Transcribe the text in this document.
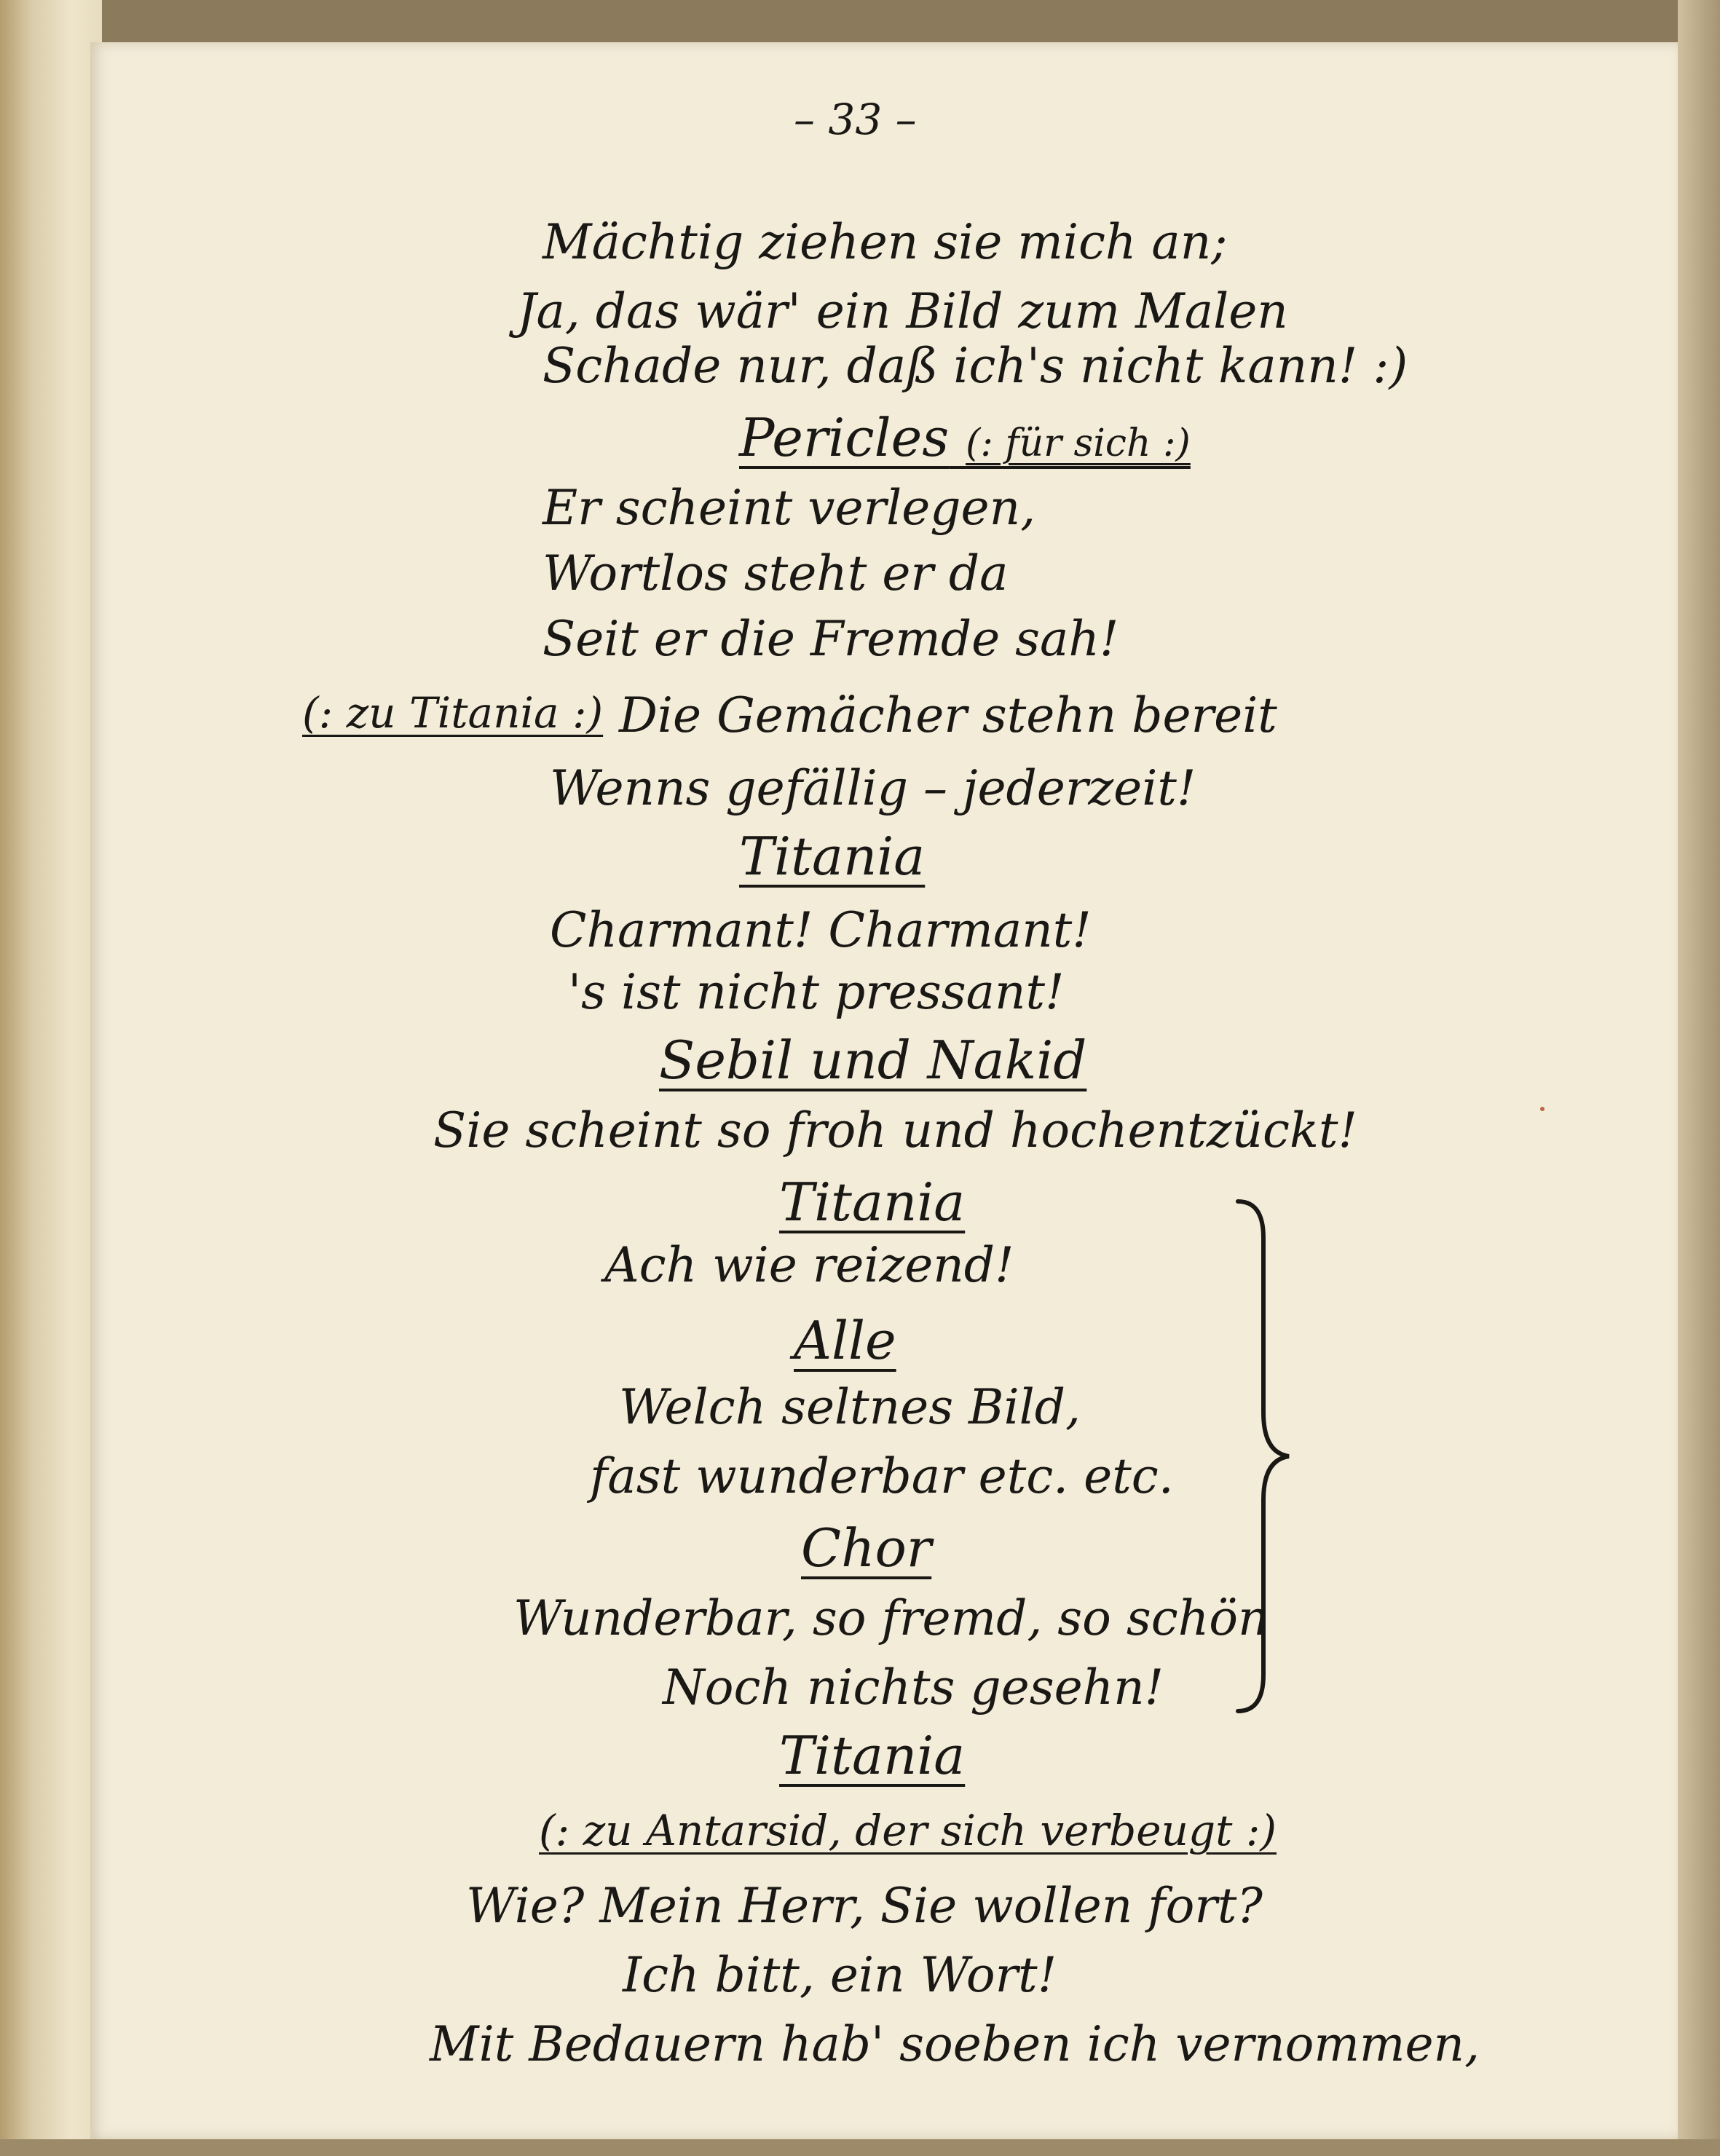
– 33 –
Mächtig ziehen sie mich an;
Ja, das wär' ein Bild zum Malen
Schade nur, daß ich's nicht kann! :)
Pericles (: für sich :)
Er scheint verlegen,
Wortlos steht er da
Seit er die Fremde sah!
(: zu Titania :) Die Gemächer stehn bereit
Wenns gefällig – jederzeit!
Titania
Charmant! Charmant!
's ist nicht pressant!
Sebil und Nakid
Sie scheint so froh und hochentzückt!
Titania
Ach wie reizend!
Alle
Welch seltnes Bild,
fast wunderbar etc. etc.
Chor
Wunderbar, so fremd, so schön
Noch nichts gesehn!
Titania
(: zu Antarsid, der sich verbeugt :)
Wie? Mein Herr, Sie wollen fort?
Ich bitt, ein Wort!
Mit Bedauern hab' soeben ich vernommen,
